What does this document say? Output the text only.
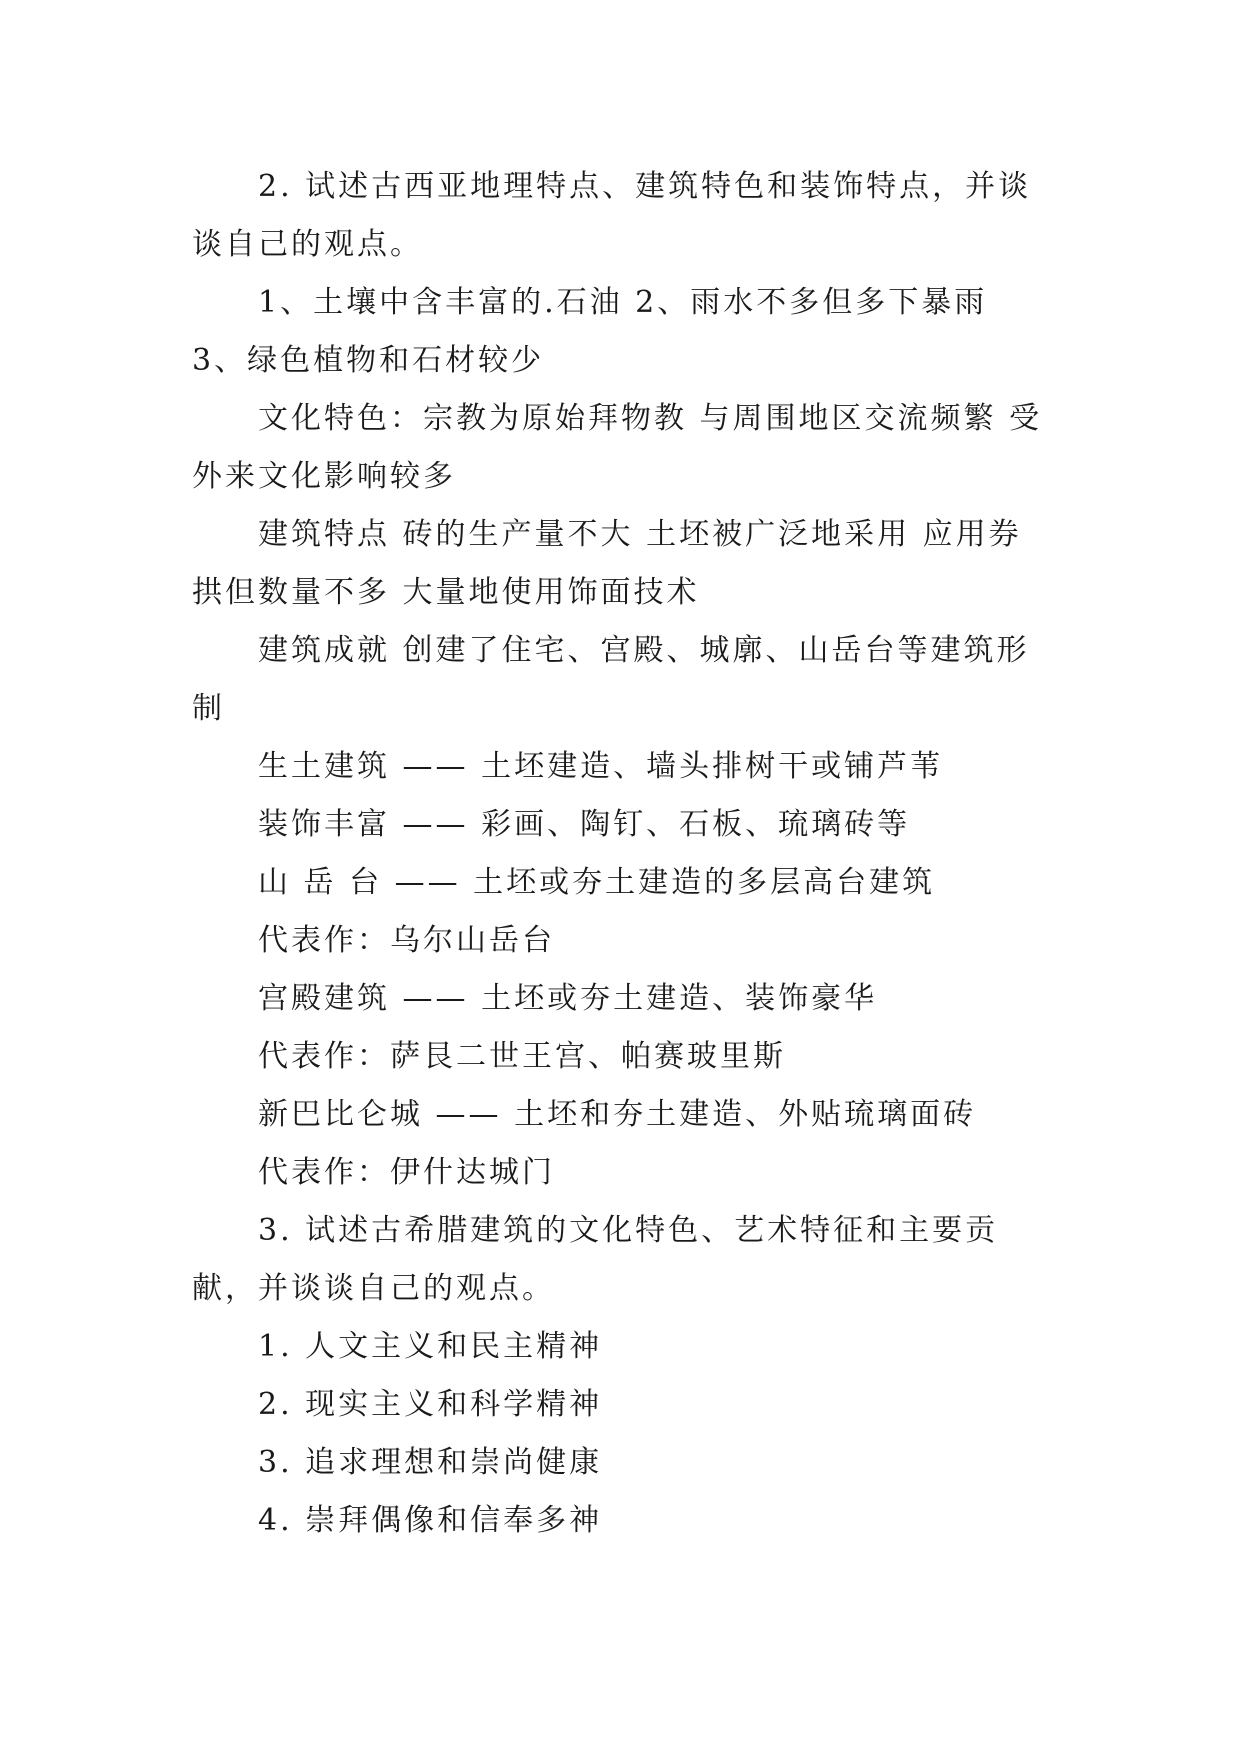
2. 试述古西亚地理特点、建筑特色和装饰特点，并谈谈自己的观点。

1、土壤中含丰富的.石油 2、雨水不多但多下暴雨 3、绿色植物和石材较少

文化特色：宗教为原始拜物教 与周围地区交流频繁 受外来文化影响较多

建筑特点 砖的生产量不大 土坯被广泛地采用 应用券拱但数量不多 大量地使用饰面技术

建筑成就 创建了住宅、宫殿、城廓、山岳台等建筑形制

生土建筑 —— 土坯建造、墙头排树干或铺芦苇

装饰丰富 —— 彩画、陶钉、石板、琉璃砖等

山 岳 台 —— 土坯或夯土建造的多层高台建筑

代表作：乌尔山岳台

宫殿建筑 —— 土坯或夯土建造、装饰豪华

代表作：萨艮二世王宫、帕赛玻里斯

新巴比仑城 —— 土坯和夯土建造、外贴琉璃面砖

代表作：伊什达城门

3. 试述古希腊建筑的文化特色、艺术特征和主要贡献，并谈谈自己的观点。

1. 人文主义和民主精神

2. 现实主义和科学精神

3. 追求理想和崇尚健康

4. 崇拜偶像和信奉多神
